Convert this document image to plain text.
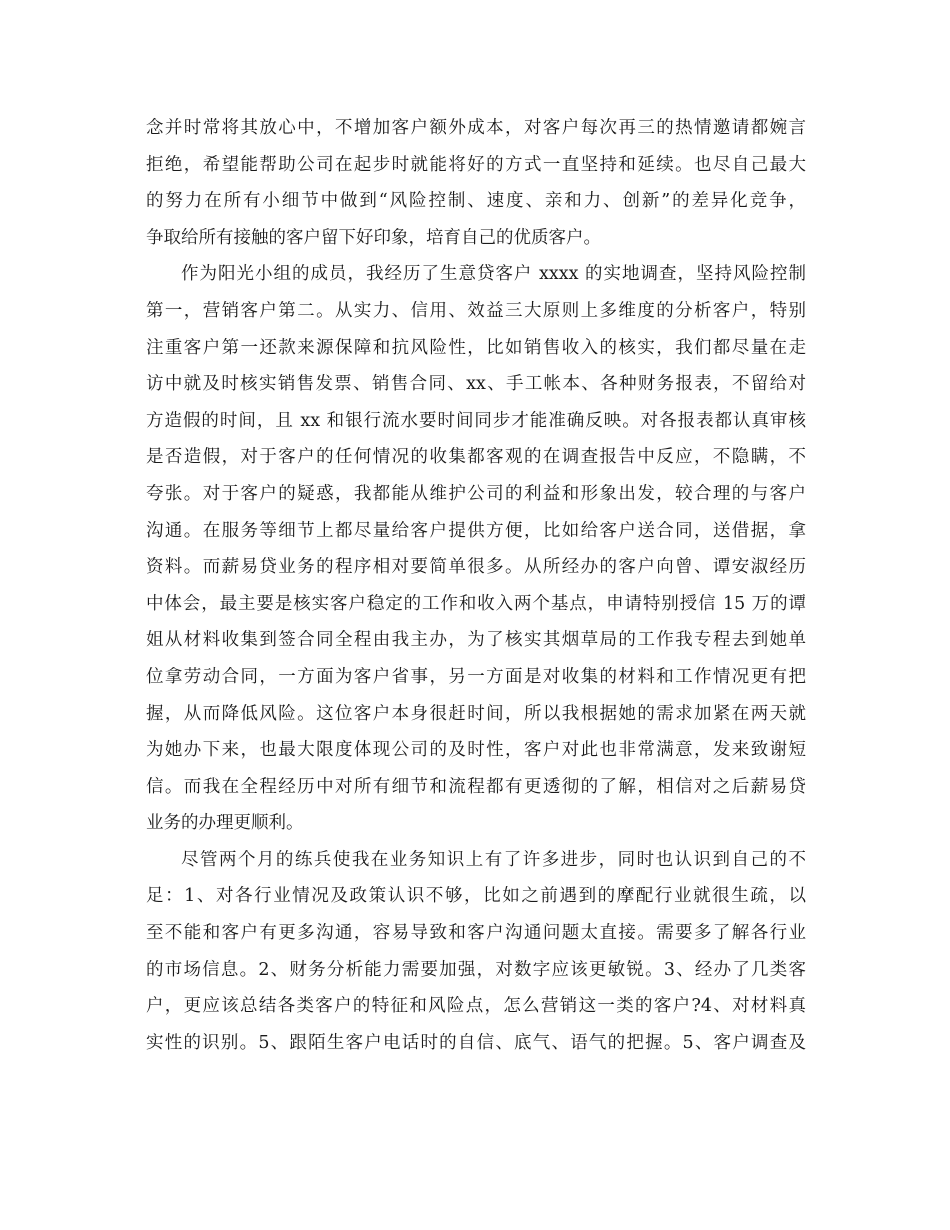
念并时常将其放心中，不增加客户额外成本，对客户每次再三的热情邀请都婉言
拒绝，希望能帮助公司在起步时就能将好的方式一直坚持和延续。也尽自己最大
的努力在所有小细节中做到“风险控制、速度、亲和力、创新”的差异化竞争，
争取给所有接触的客户留下好印象，培育自己的优质客户。
作为阳光小组的成员，我经历了生意贷客户 xxxx 的实地调查，坚持风险控制
第一，营销客户第二。从实力、信用、效益三大原则上多维度的分析客户，特别
注重客户第一还款来源保障和抗风险性，比如销售收入的核实，我们都尽量在走
访中就及时核实销售发票、销售合同、xx、手工帐本、各种财务报表，不留给对
方造假的时间，且 xx 和银行流水要时间同步才能准确反映。对各报表都认真审核
是否造假，对于客户的任何情况的收集都客观的在调查报告中反应，不隐瞒，不
夸张。对于客户的疑惑，我都能从维护公司的利益和形象出发，较合理的与客户
沟通。在服务等细节上都尽量给客户提供方便，比如给客户送合同，送借据，拿
资料。而薪易贷业务的程序相对要简单很多。从所经办的客户向曾、谭安淑经历
中体会，最主要是核实客户稳定的工作和收入两个基点，申请特别授信 15 万的谭
姐从材料收集到签合同全程由我主办，为了核实其烟草局的工作我专程去到她单
位拿劳动合同，一方面为客户省事，另一方面是对收集的材料和工作情况更有把
握，从而降低风险。这位客户本身很赶时间，所以我根据她的需求加紧在两天就
为她办下来，也最大限度体现公司的及时性，客户对此也非常满意，发来致谢短
信。而我在全程经历中对所有细节和流程都有更透彻的了解，相信对之后薪易贷
业务的办理更顺利。
尽管两个月的练兵使我在业务知识上有了许多进步，同时也认识到自己的不
足：1、对各行业情况及政策认识不够，比如之前遇到的摩配行业就很生疏，以
至不能和客户有更多沟通，容易导致和客户沟通问题太直接。需要多了解各行业
的市场信息。2、财务分析能力需要加强，对数字应该更敏锐。3、经办了几类客
户，更应该总结各类客户的特征和风险点，怎么营销这一类的客户?4、对材料真
实性的识别。5、跟陌生客户电话时的自信、底气、语气的把握。5、客户调查及
